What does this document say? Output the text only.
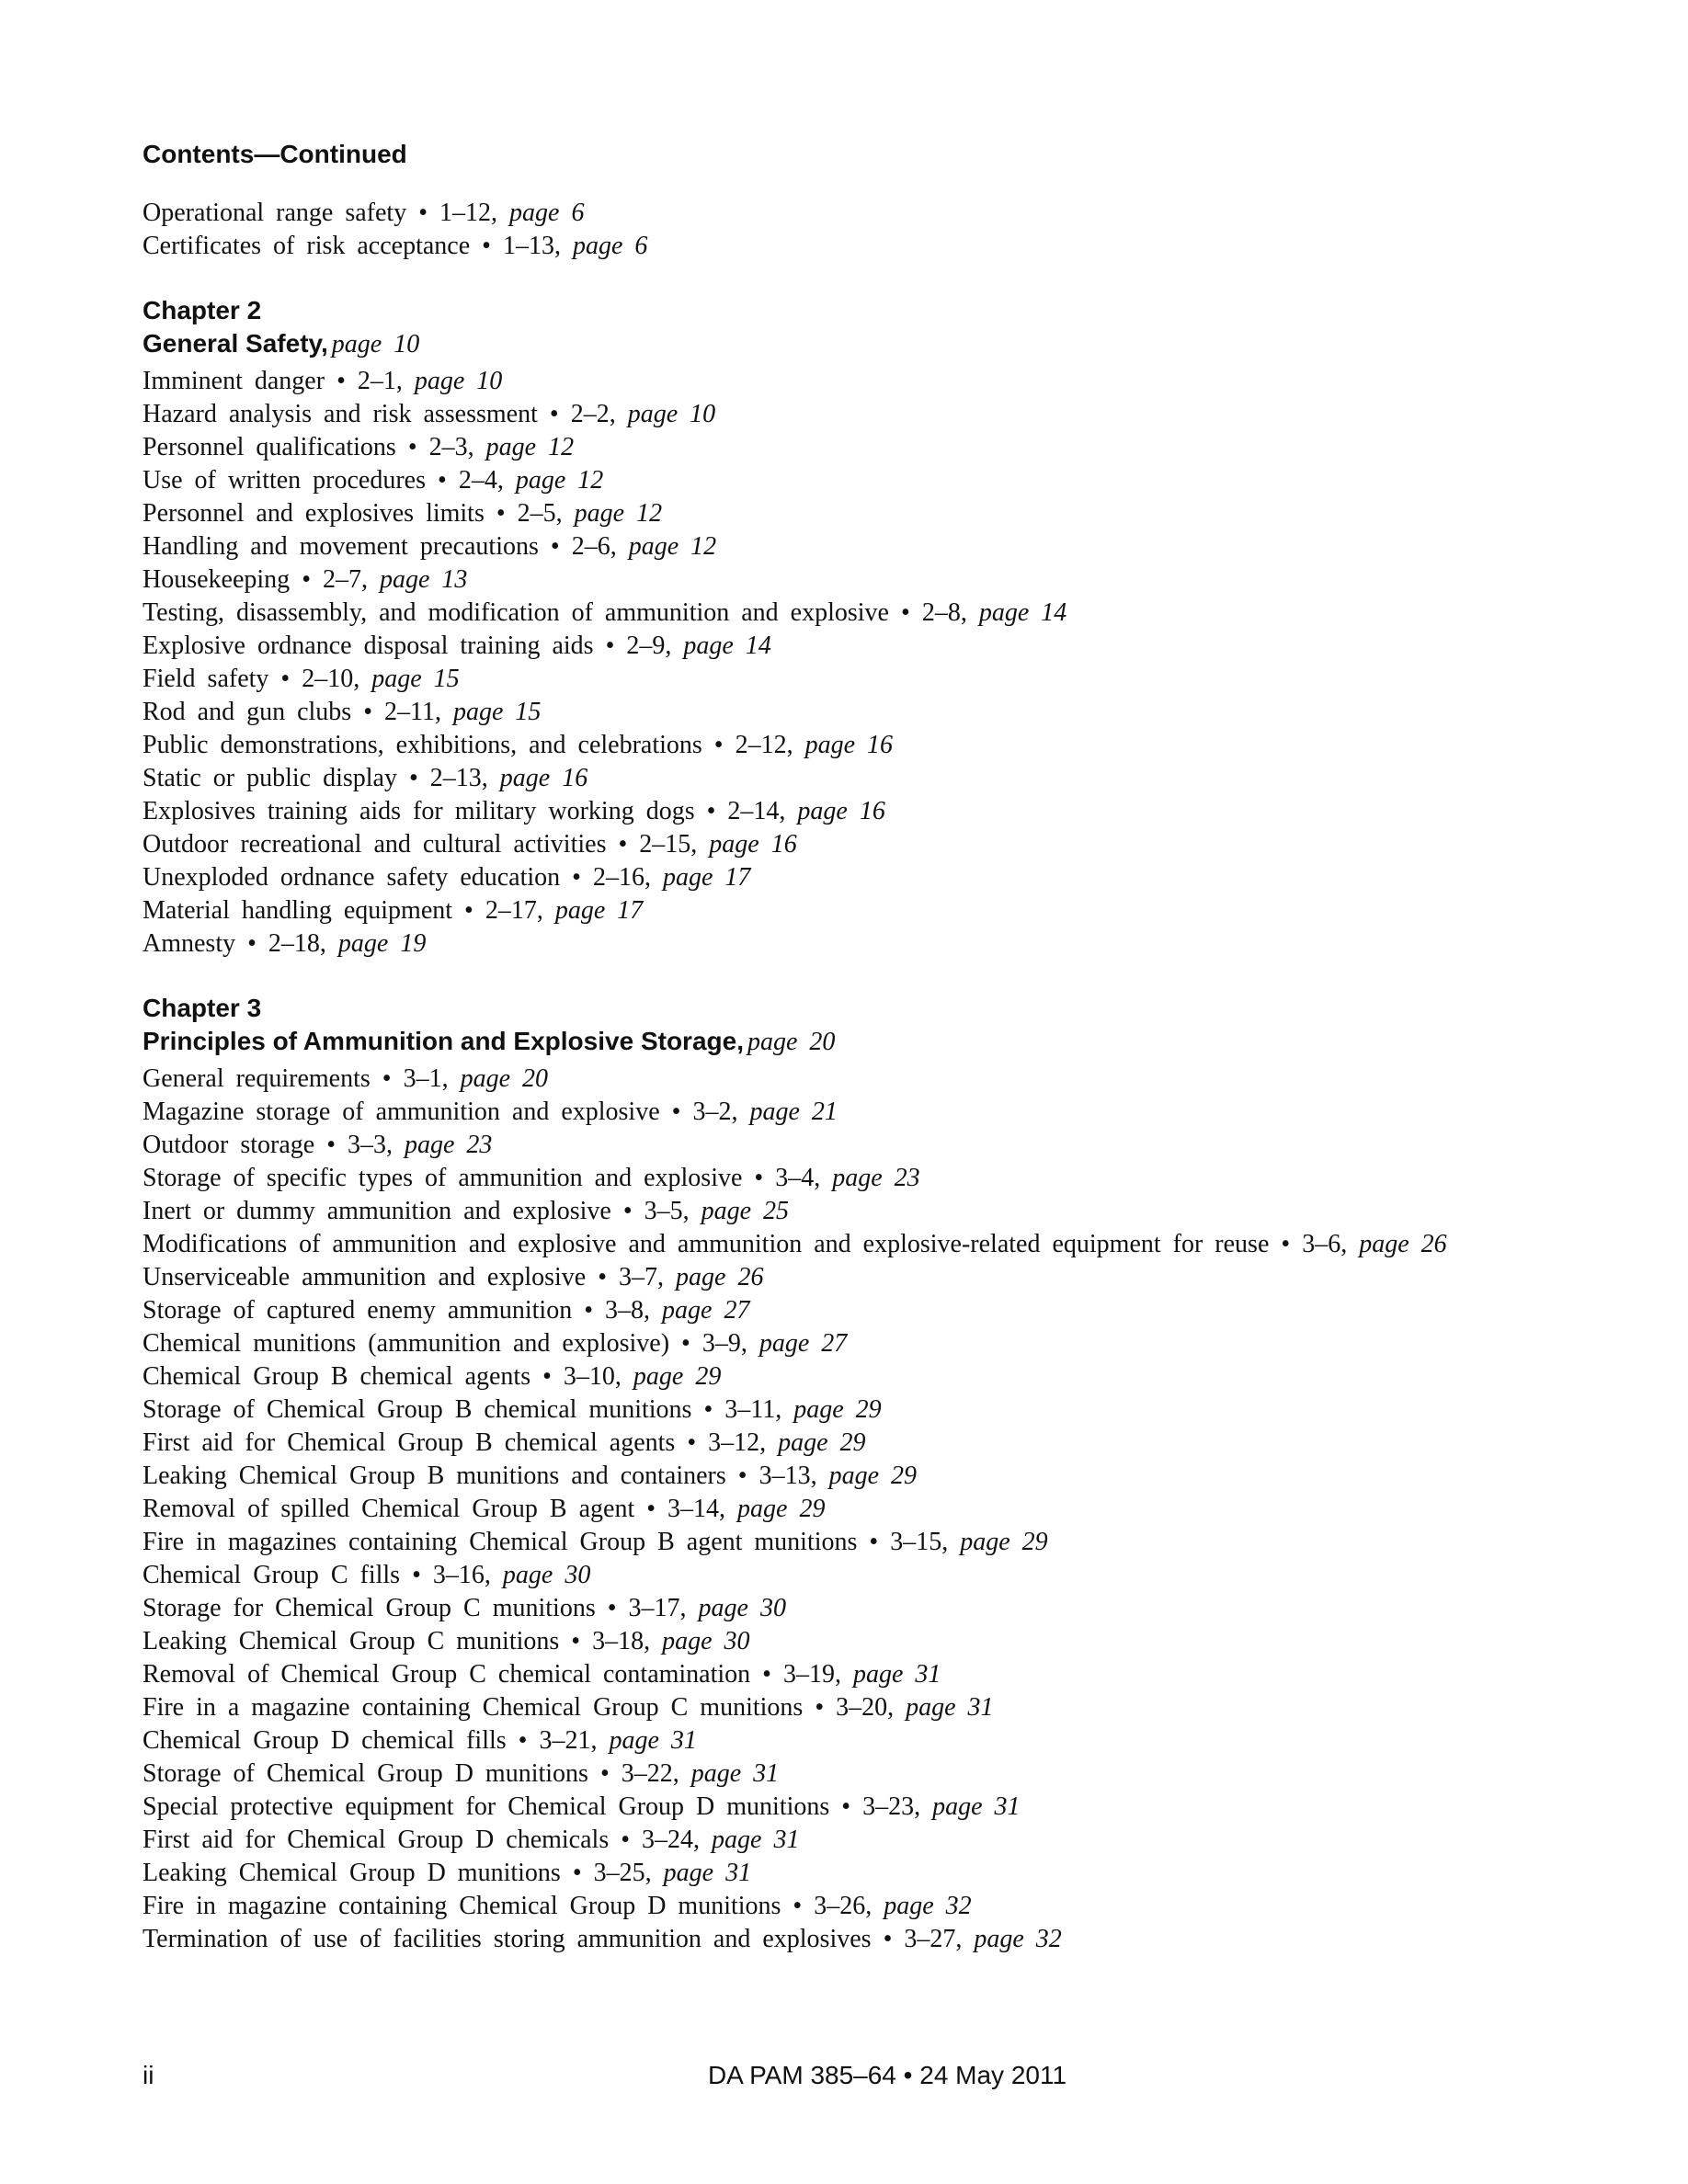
Contents—Continued
Operational range safety • 1–12, page 6
Certificates of risk acceptance • 1–13, page 6
Chapter 2
General Safety, page 10
Imminent danger • 2–1, page 10
Hazard analysis and risk assessment • 2–2, page 10
Personnel qualifications • 2–3, page 12
Use of written procedures • 2–4, page 12
Personnel and explosives limits • 2–5, page 12
Handling and movement precautions • 2–6, page 12
Housekeeping • 2–7, page 13
Testing, disassembly, and modification of ammunition and explosive • 2–8, page 14
Explosive ordnance disposal training aids • 2–9, page 14
Field safety • 2–10, page 15
Rod and gun clubs • 2–11, page 15
Public demonstrations, exhibitions, and celebrations • 2–12, page 16
Static or public display • 2–13, page 16
Explosives training aids for military working dogs • 2–14, page 16
Outdoor recreational and cultural activities • 2–15, page 16
Unexploded ordnance safety education • 2–16, page 17
Material handling equipment • 2–17, page 17
Amnesty • 2–18, page 19
Chapter 3
Principles of Ammunition and Explosive Storage, page 20
General requirements • 3–1, page 20
Magazine storage of ammunition and explosive • 3–2, page 21
Outdoor storage • 3–3, page 23
Storage of specific types of ammunition and explosive • 3–4, page 23
Inert or dummy ammunition and explosive • 3–5, page 25
Modifications of ammunition and explosive and ammunition and explosive-related equipment for reuse • 3–6, page 26
Unserviceable ammunition and explosive • 3–7, page 26
Storage of captured enemy ammunition • 3–8, page 27
Chemical munitions (ammunition and explosive) • 3–9, page 27
Chemical Group B chemical agents • 3–10, page 29
Storage of Chemical Group B chemical munitions • 3–11, page 29
First aid for Chemical Group B chemical agents • 3–12, page 29
Leaking Chemical Group B munitions and containers • 3–13, page 29
Removal of spilled Chemical Group B agent • 3–14, page 29
Fire in magazines containing Chemical Group B agent munitions • 3–15, page 29
Chemical Group C fills • 3–16, page 30
Storage for Chemical Group C munitions • 3–17, page 30
Leaking Chemical Group C munitions • 3–18, page 30
Removal of Chemical Group C chemical contamination • 3–19, page 31
Fire in a magazine containing Chemical Group C munitions • 3–20, page 31
Chemical Group D chemical fills • 3–21, page 31
Storage of Chemical Group D munitions • 3–22, page 31
Special protective equipment for Chemical Group D munitions • 3–23, page 31
First aid for Chemical Group D chemicals • 3–24, page 31
Leaking Chemical Group D munitions • 3–25, page 31
Fire in magazine containing Chemical Group D munitions • 3–26, page 32
Termination of use of facilities storing ammunition and explosives • 3–27, page 32
ii	DA PAM 385–64 • 24 May 2011
